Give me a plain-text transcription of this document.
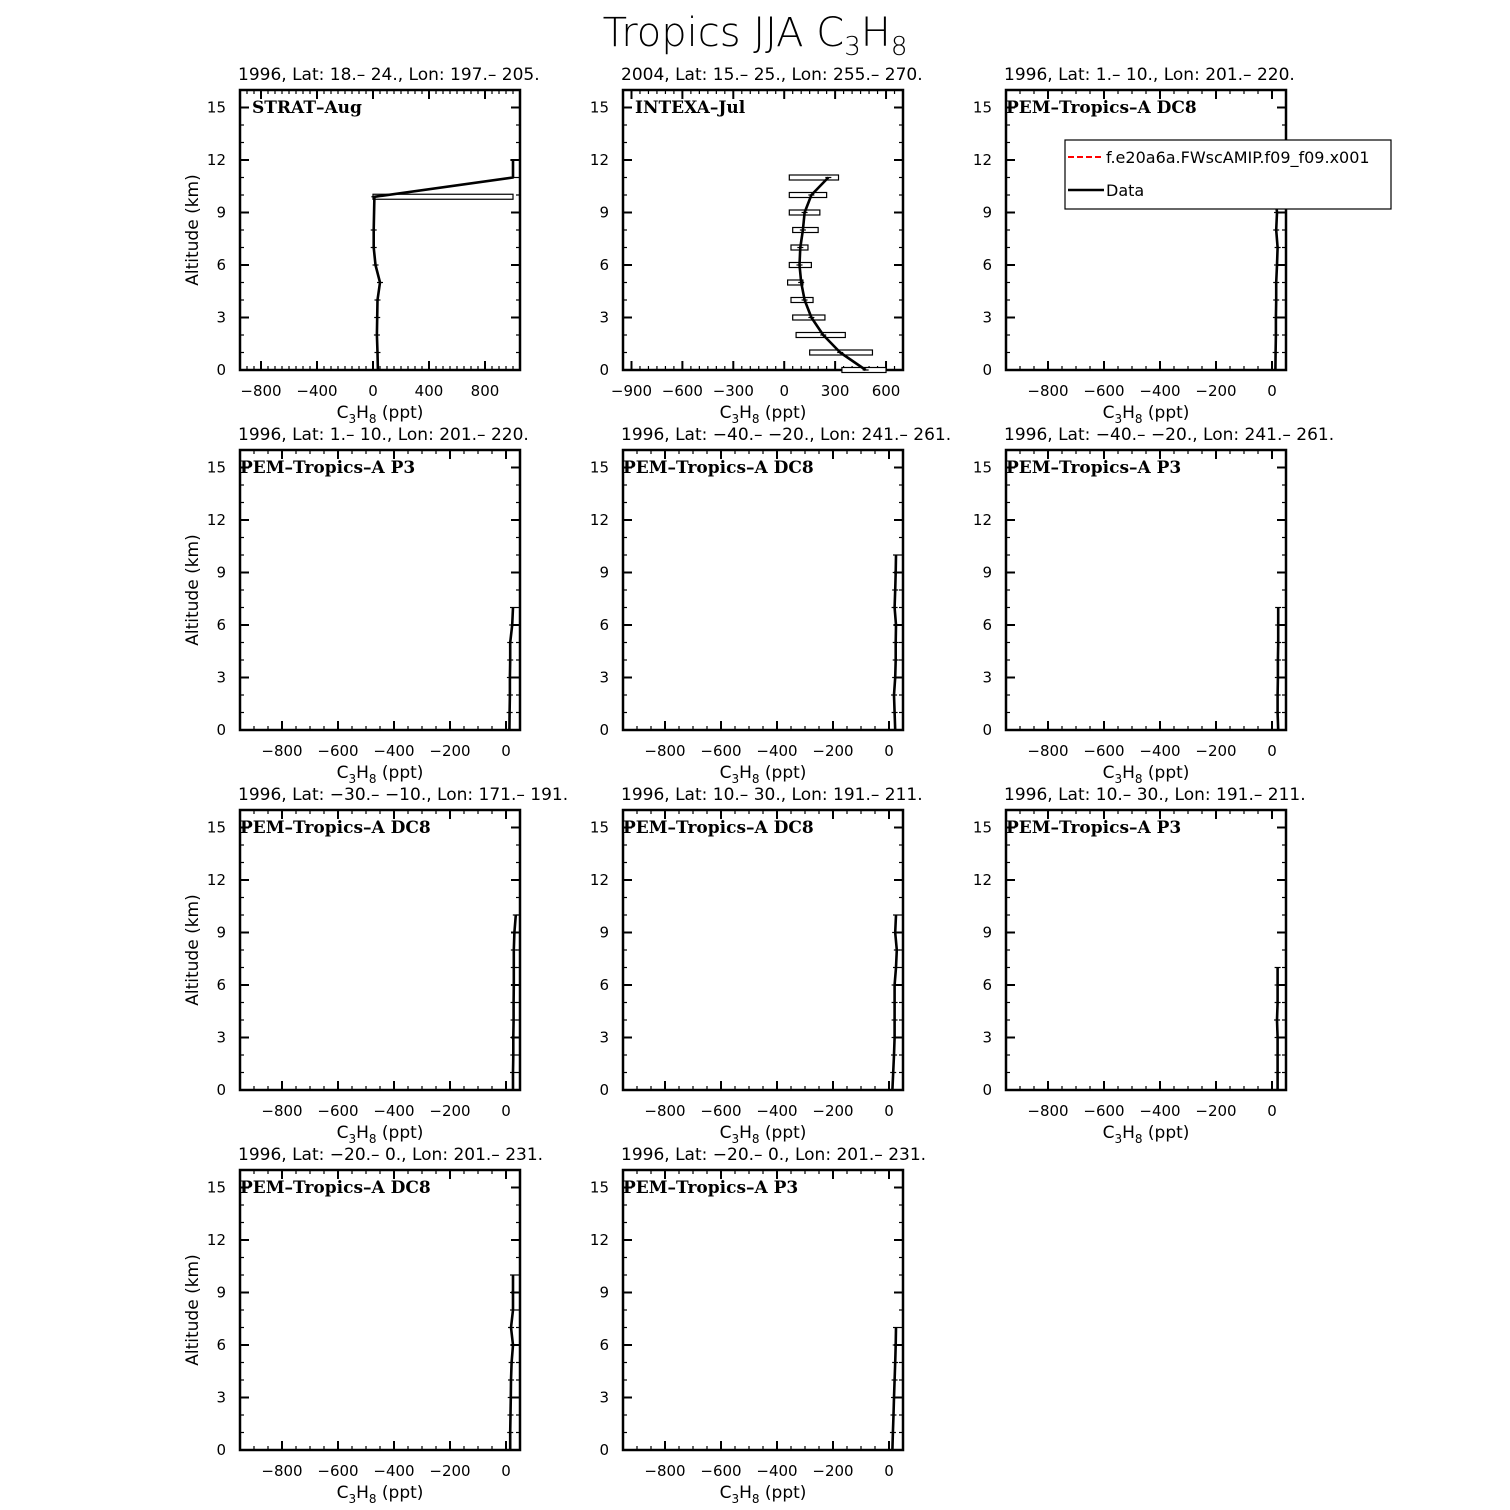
Tropics JJA $C_3H_8$
1996, Lat: 18.– 24., Lon: 197.– 205.
−800 −400 0 400 800
0
3
6
9
12
15
$C_3H_8$ (ppt)
Altitude (km)
STRAT–Aug
2004, Lat: 15.– 25., Lon: 255.– 270.
−900 −600 −300 0 300 600
0
3
6
9
12
15
$C_3H_8$ (ppt)
INTEXA–Jul
1996, Lat: 1.– 10., Lon: 201.– 220.
−800 −600 −400 −200 0
0
3
6
9
12
15
$C_3H_8$ (ppt)
PEM–Tropics–A DC8
1996, Lat: 1.– 10., Lon: 201.– 220.
−800 −600 −400 −200 0
0
3
6
9
12
15
$C_3H_8$ (ppt)
Altitude (km)
PEM–Tropics–A P3
1996, Lat: −40.– −20., Lon: 241.– 261.
−800 −600 −400 −200 0
0
3
6
9
12
15
$C_3H_8$ (ppt)
PEM–Tropics–A DC8
1996, Lat: −40.– −20., Lon: 241.– 261.
−800 −600 −400 −200 0
0
3
6
9
12
15
$C_3H_8$ (ppt)
PEM–Tropics–A P3
1996, Lat: −30.– −10., Lon: 171.– 191.
−800 −600 −400 −200 0
0
3
6
9
12
15
$C_3H_8$ (ppt)
Altitude (km)
PEM–Tropics–A DC8
1996, Lat: 10.– 30., Lon: 191.– 211.
−800 −600 −400 −200 0
0
3
6
9
12
15
$C_3H_8$ (ppt)
PEM–Tropics–A DC8
1996, Lat: 10.– 30., Lon: 191.– 211.
−800 −600 −400 −200 0
0
3
6
9
12
15
$C_3H_8$ (ppt)
PEM–Tropics–A P3
1996, Lat: −20.– 0., Lon: 201.– 231.
−800 −600 −400 −200 0
0
3
6
9
12
15
$C_3H_8$ (ppt)
Altitude (km)
PEM–Tropics–A DC8
1996, Lat: −20.– 0., Lon: 201.– 231.
−800 −600 −400 −200 0
0
3
6
9
12
15
$C_3H_8$ (ppt)
PEM–Tropics–A P3
f.e20a6a.FWscAMIP.f09_f09.x001
Data
